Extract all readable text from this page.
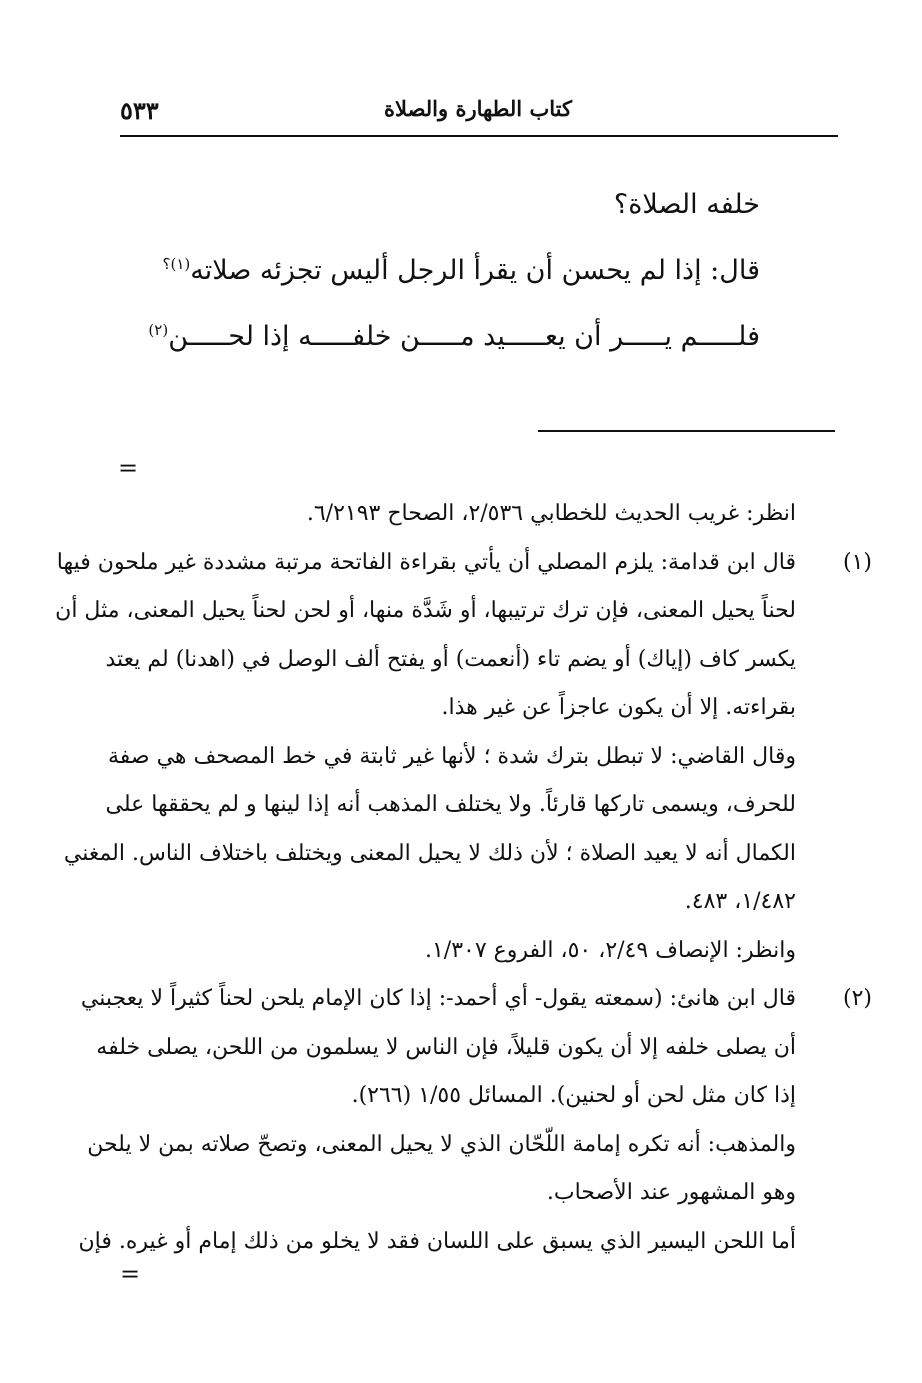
كتاب الطهارة والصلاة
٥٣٣
خلفه الصلاة؟
قال: إذا لم يحسن أن يقرأ الرجل أليس تجزئه صلاته$^{(١)؟}$
فلـــــم يـــــر أن يعـــــيد مـــــن خلفـــــه إذا لحـــــن$^{(٢)}$
=
انظر: غريب الحديث للخطابي ٢/٥٣٦، الصحاح ٦/٢١٩٣.
(١)
قال ابن قدامة: يلزم المصلي أن يأتي بقراءة الفاتحة مرتبة مشددة غير ملحون فيها
لحناً يحيل المعنى، فإن ترك ترتيبها، أو شَدَّة منها، أو لحن لحناً يحيل المعنى، مثل أن
يكسر كاف (إياك) أو يضم تاء (أنعمت) أو يفتح ألف الوصل في (اهدنا) لم يعتد
بقراءته. إلا أن يكون عاجزاً عن غير هذا.
وقال القاضي: لا تبطل بترك شدة ؛ لأنها غير ثابتة في خط المصحف هي صفة
للحرف، ويسمى تاركها قارئاً. ولا يختلف المذهب أنه إذا لينها و لم يحققها على
الكمال أنه لا يعيد الصلاة ؛ لأن ذلك لا يحيل المعنى ويختلف باختلاف الناس. المغني
١/٤٨٢، ٤٨٣.
وانظر: الإنصاف ٢/٤٩، ٥٠، الفروع ١/٣٠٧.
(٢)
قال ابن هانئ: (سمعته يقول- أي أحمد-: إذا كان الإمام يلحن لحناً كثيراً لا يعجبني
أن يصلى خلفه إلا أن يكون قليلاً، فإن الناس لا يسلمون من اللحن، يصلى خلفه
إذا كان مثل لحن أو لحنين). المسائل ١/٥٥ (٢٦٦).
والمذهب: أنه تكره إمامة اللّحّان الذي لا يحيل المعنى، وتصحّ صلاته بمن لا يلحن
وهو المشهور عند الأصحاب.
أما اللحن اليسير الذي يسبق على اللسان فقد لا يخلو من ذلك إمام أو غيره. فإن
=
